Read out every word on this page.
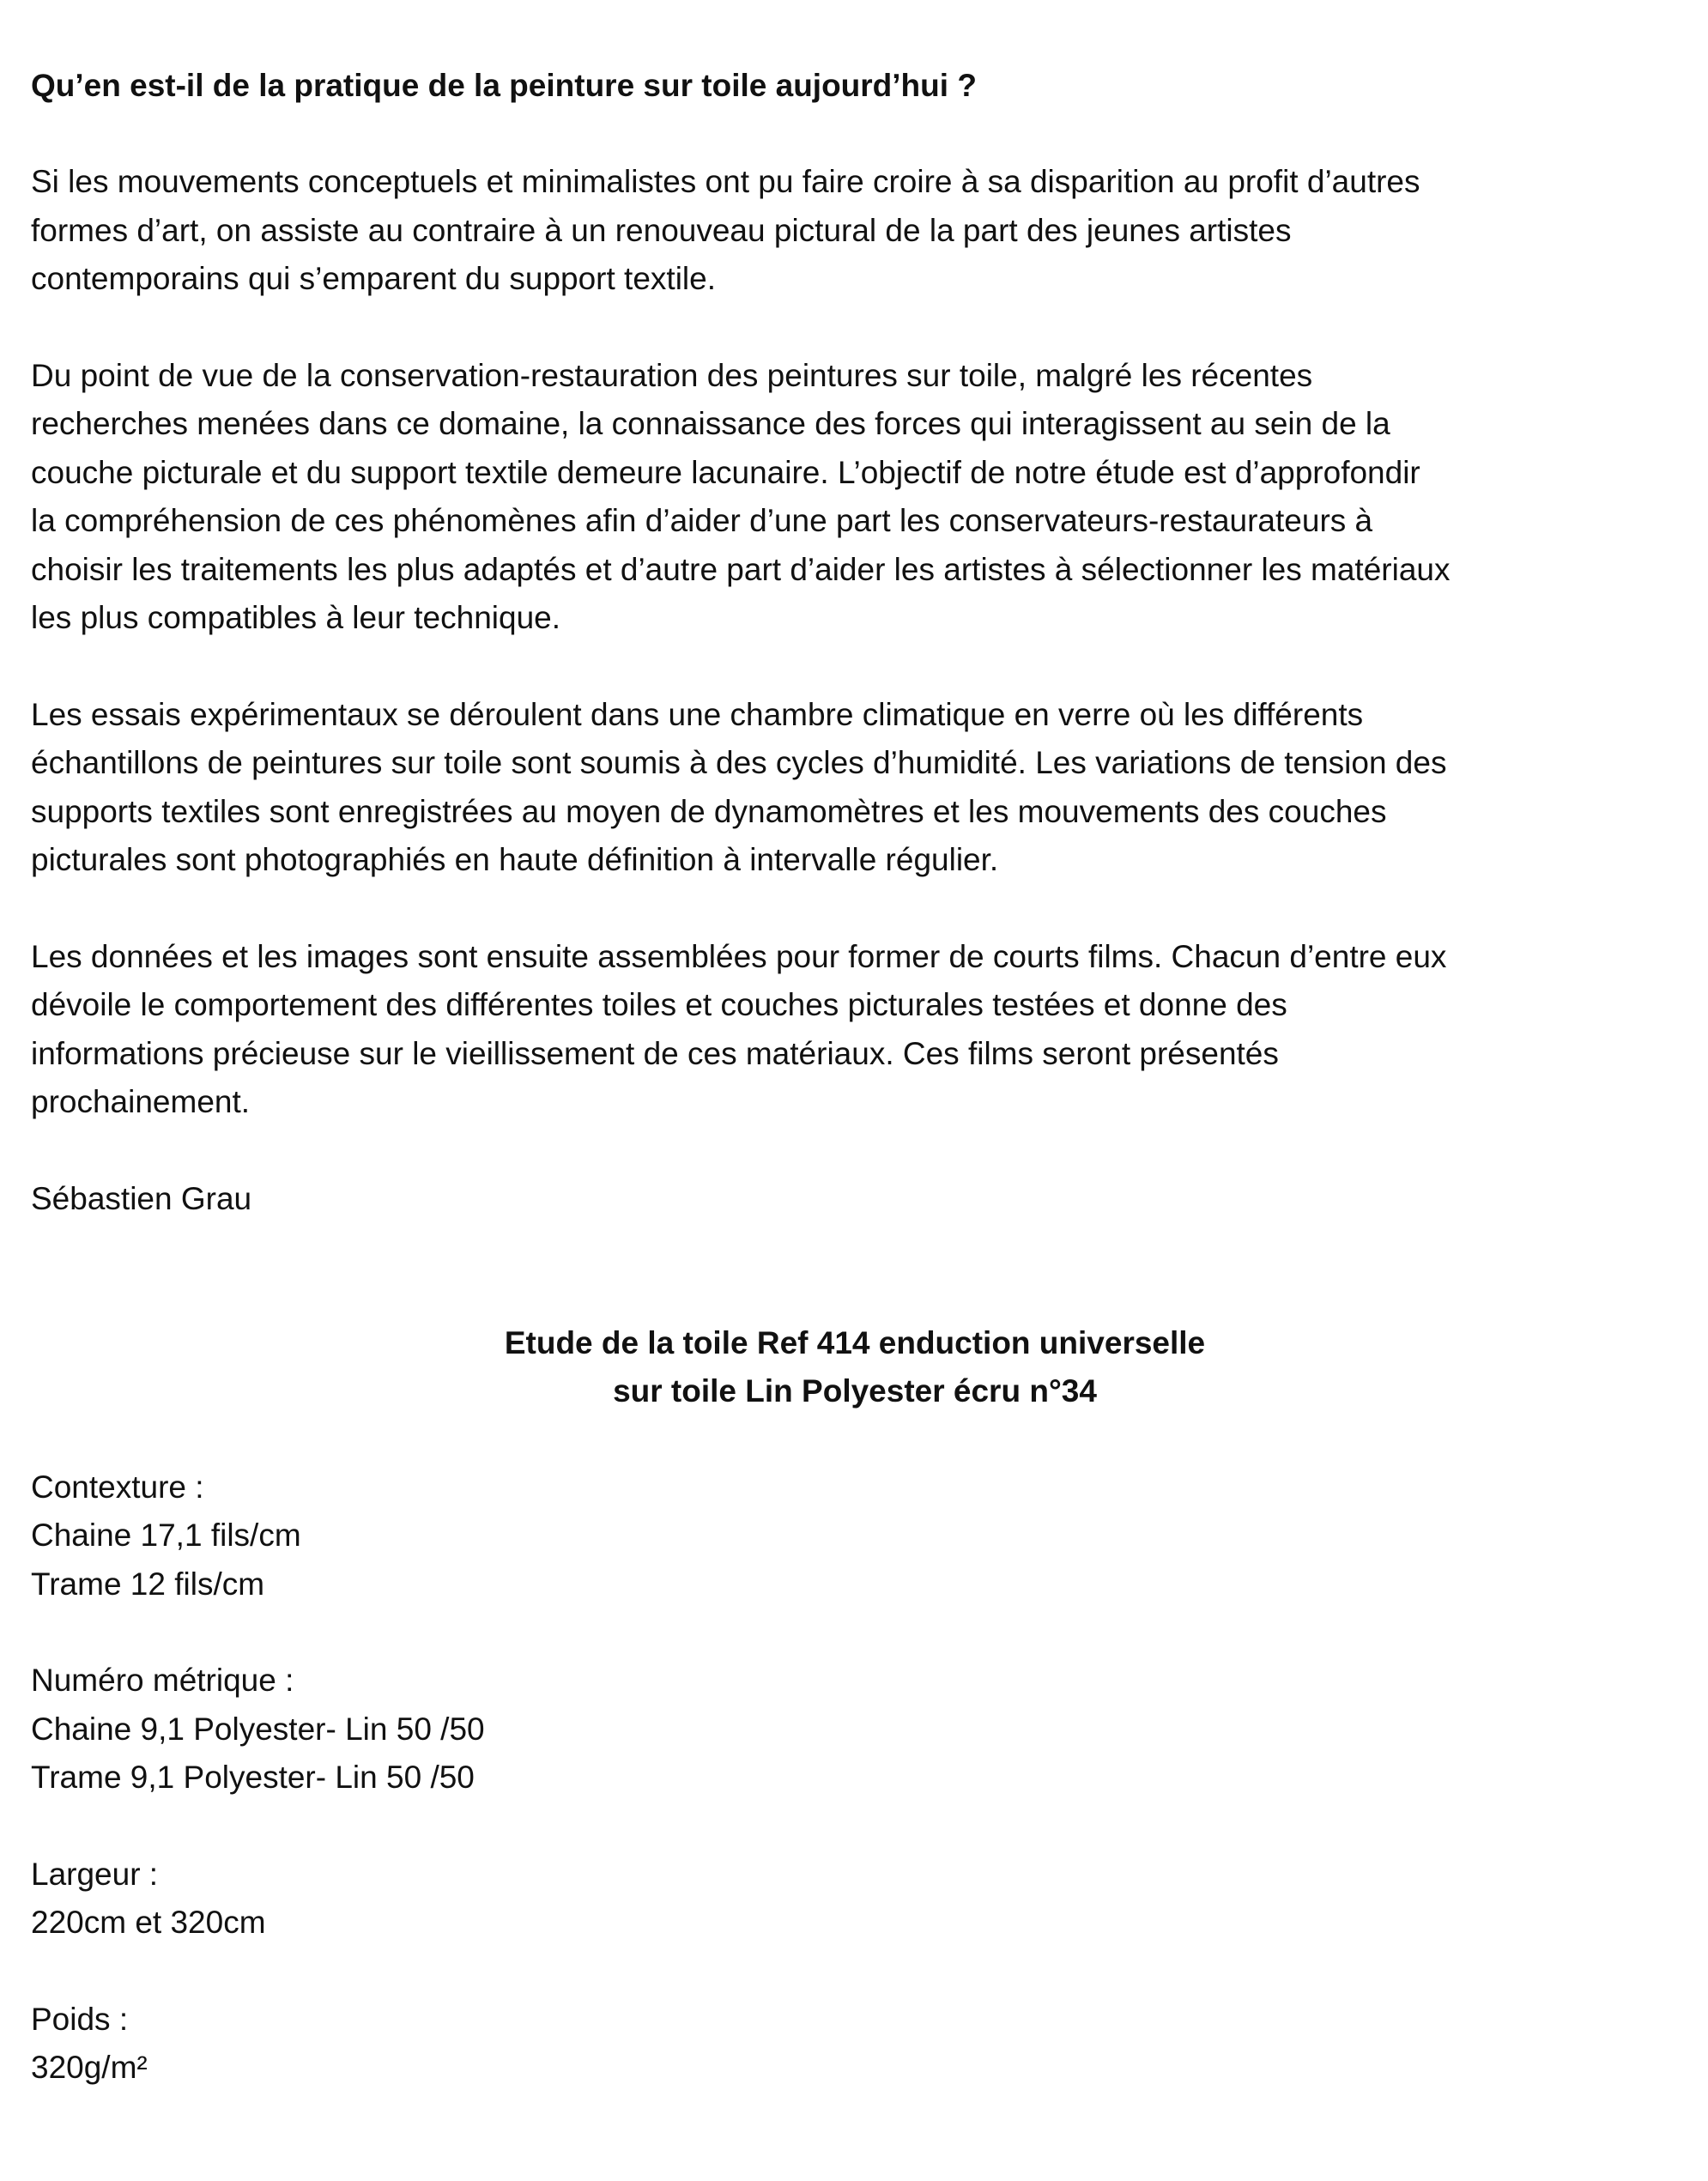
Qu’en est-il de la pratique de la peinture sur toile aujourd’hui ?

Si les mouvements conceptuels et minimalistes ont pu faire croire à sa disparition au profit d’autres
formes d’art, on assiste au contraire à un renouveau pictural de la part des jeunes artistes
contemporains qui s’emparent du support textile.

Du point de vue de la conservation-restauration des peintures sur toile, malgré les récentes
recherches menées dans ce domaine, la connaissance des forces qui interagissent au sein de la
couche picturale et du support textile demeure lacunaire. L’objectif de notre étude est d’approfondir
la compréhension de ces phénomènes afin d’aider d’une part les conservateurs-restaurateurs à
choisir les traitements les plus adaptés et d’autre part d’aider les artistes à sélectionner les matériaux
les plus compatibles à leur technique.

Les essais expérimentaux se déroulent dans une chambre climatique en verre où les différents
échantillons de peintures sur toile sont soumis à des cycles d’humidité. Les variations de tension des
supports textiles sont enregistrées au moyen de dynamomètres et les mouvements des couches
picturales sont photographiés en haute définition à intervalle régulier.

Les données et les images sont ensuite assemblées pour former de courts films. Chacun d’entre eux
dévoile le comportement des différentes toiles et couches picturales testées et donne des
informations précieuse sur le vieillissement de ces matériaux. Ces films seront présentés
prochainement.

Sébastien Grau
Etude de la toile Ref 414 enduction universelle
sur toile Lin Polyester écru n°34
Contexture :
Chaine 17,1 fils/cm
Trame 12 fils/cm
Numéro métrique :
Chaine 9,1 Polyester- Lin 50 /50
Trame 9,1 Polyester- Lin 50 /50
Largeur :
220cm et 320cm
Poids :
320g/m²
